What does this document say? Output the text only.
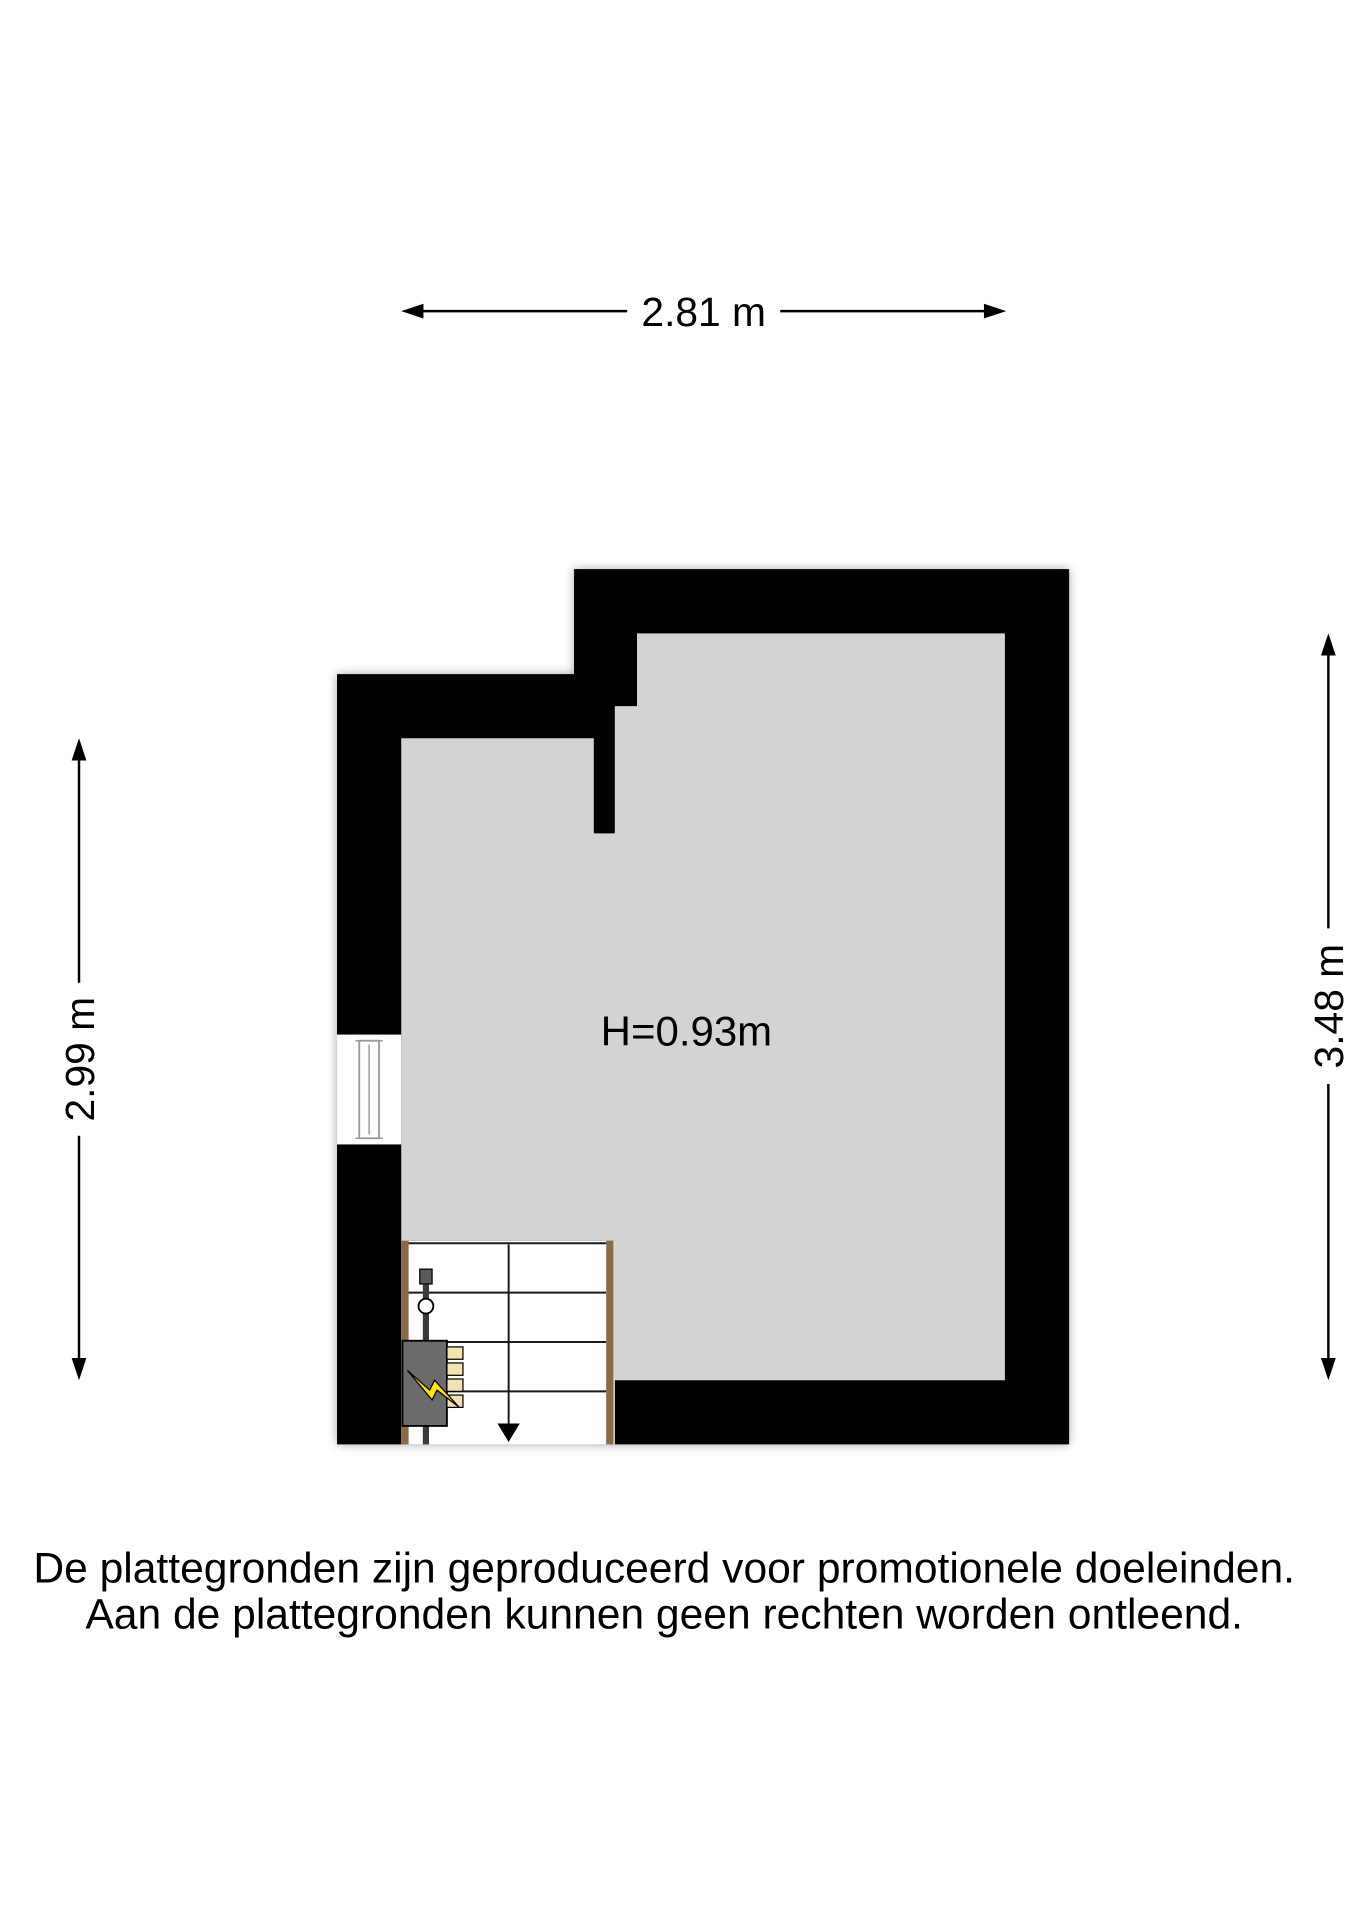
2.81 m
2.99 m	3.48 m
H=0.93m
De plattegronden zijn geproduceerd voor promotionele doeleinden.
Aan de plattegronden kunnen geen rechten worden ontleend.
